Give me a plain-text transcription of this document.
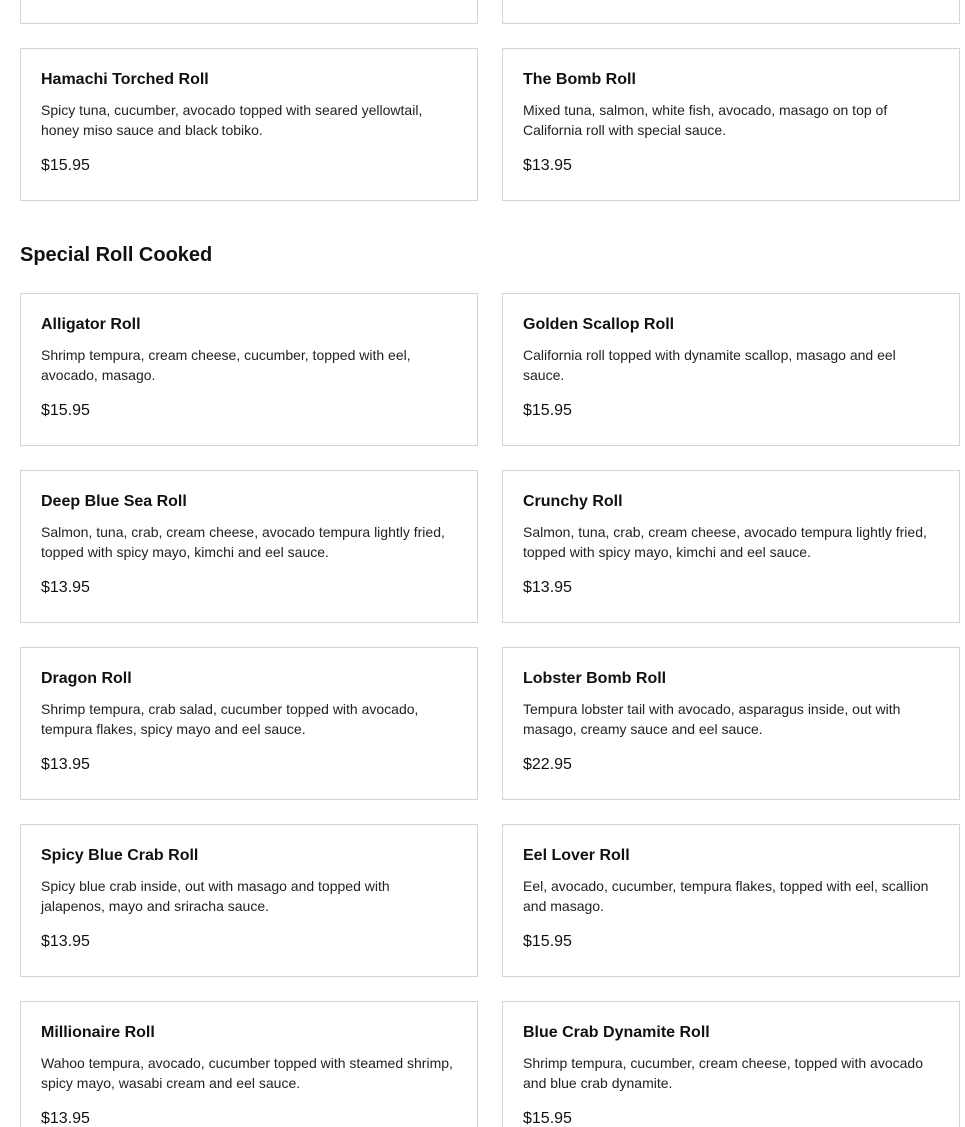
Hamachi Torched Roll
Spicy tuna, cucumber, avocado topped with seared yellowtail, honey miso sauce and black tobiko.
$15.95
The Bomb Roll
Mixed tuna, salmon, white fish, avocado, masago on top of California roll with special sauce.
$13.95
Special Roll Cooked
Alligator Roll
Shrimp tempura, cream cheese, cucumber, topped with eel, avocado, masago.
$15.95
Golden Scallop Roll
California roll topped with dynamite scallop, masago and eel sauce.
$15.95
Deep Blue Sea Roll
Salmon, tuna, crab, cream cheese, avocado tempura lightly fried, topped with spicy mayo, kimchi and eel sauce.
$13.95
Crunchy Roll
Salmon, tuna, crab, cream cheese, avocado tempura lightly fried, topped with spicy mayo, kimchi and eel sauce.
$13.95
Dragon Roll
Shrimp tempura, crab salad, cucumber topped with avocado, tempura flakes, spicy mayo and eel sauce.
$13.95
Lobster Bomb Roll
Tempura lobster tail with avocado, asparagus inside, out with masago, creamy sauce and eel sauce.
$22.95
Spicy Blue Crab Roll
Spicy blue crab inside, out with masago and topped with jalapenos, mayo and sriracha sauce.
$13.95
Eel Lover Roll
Eel, avocado, cucumber, tempura flakes, topped with eel, scallion and masago.
$15.95
Millionaire Roll
Wahoo tempura, avocado, cucumber topped with steamed shrimp, spicy mayo, wasabi cream and eel sauce.
$13.95
Blue Crab Dynamite Roll
Shrimp tempura, cucumber, cream cheese, topped with avocado and blue crab dynamite.
$15.95
